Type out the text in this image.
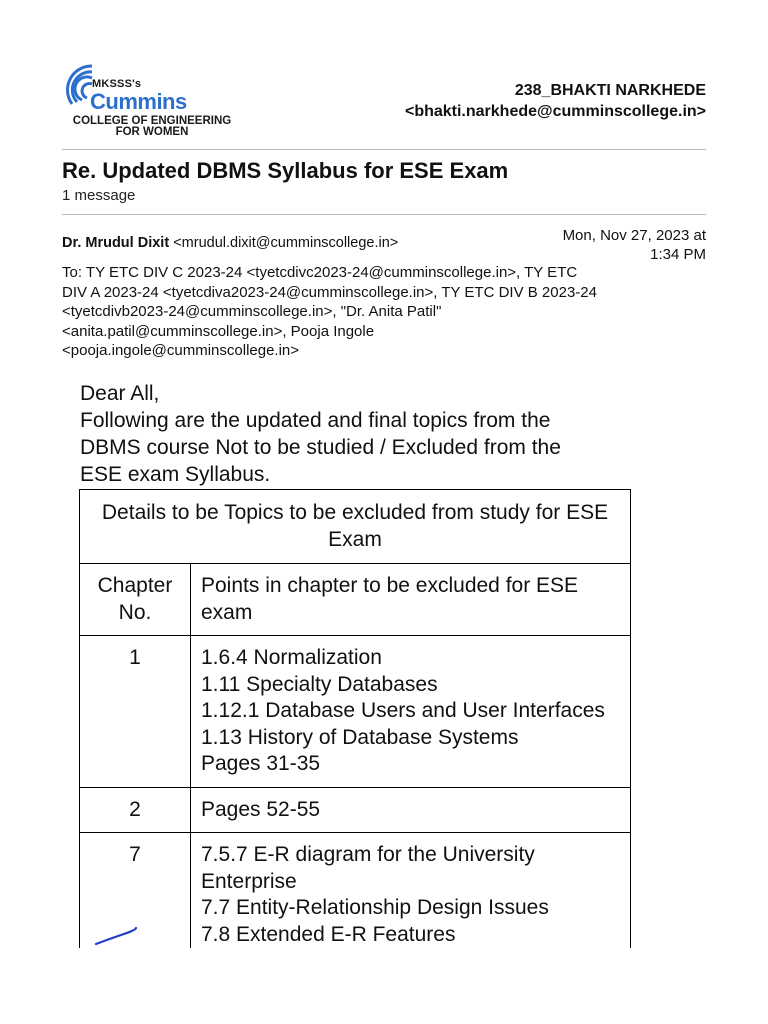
MKSSS's
Cummins
COLLEGE OF ENGINEERING
FOR WOMEN
238_BHAKTI NARKHEDE
<bhakti.narkhede@cumminscollege.in>
Re. Updated DBMS Syllabus for ESE Exam
1 message
Dr. Mrudul Dixit <mrudul.dixit@cumminscollege.in>	Mon, Nov 27, 2023 at
1:34 PM
To: TY ETC DIV C 2023-24 <tyetcdivc2023-24@cumminscollege.in>, TY ETC
DIV A 2023-24 <tyetcdiva2023-24@cumminscollege.in>, TY ETC DIV B 2023-24
<tyetcdivb2023-24@cumminscollege.in>, "Dr. Anita Patil"
<anita.patil@cumminscollege.in>, Pooja Ingole
<pooja.ingole@cumminscollege.in>
Dear All,
Following are the updated and final topics from the
DBMS course Not to be studied / Excluded from the
ESE exam Syllabus.
Details to be Topics to be excluded from study for ESE Exam	

Chapter
No.	Points in chapter to be excluded for ESE exam
1	1.6.4 Normalization
1.11 Specialty Databases
1.12.1 Database Users and User Interfaces
1.13 History of Database Systems
Pages 31-35

2	Pages 52-55

7	7.5.7 E-R diagram for the University Enterprise
7.7 Entity-Relationship Design Issues
7.8 Extended E-R Features
